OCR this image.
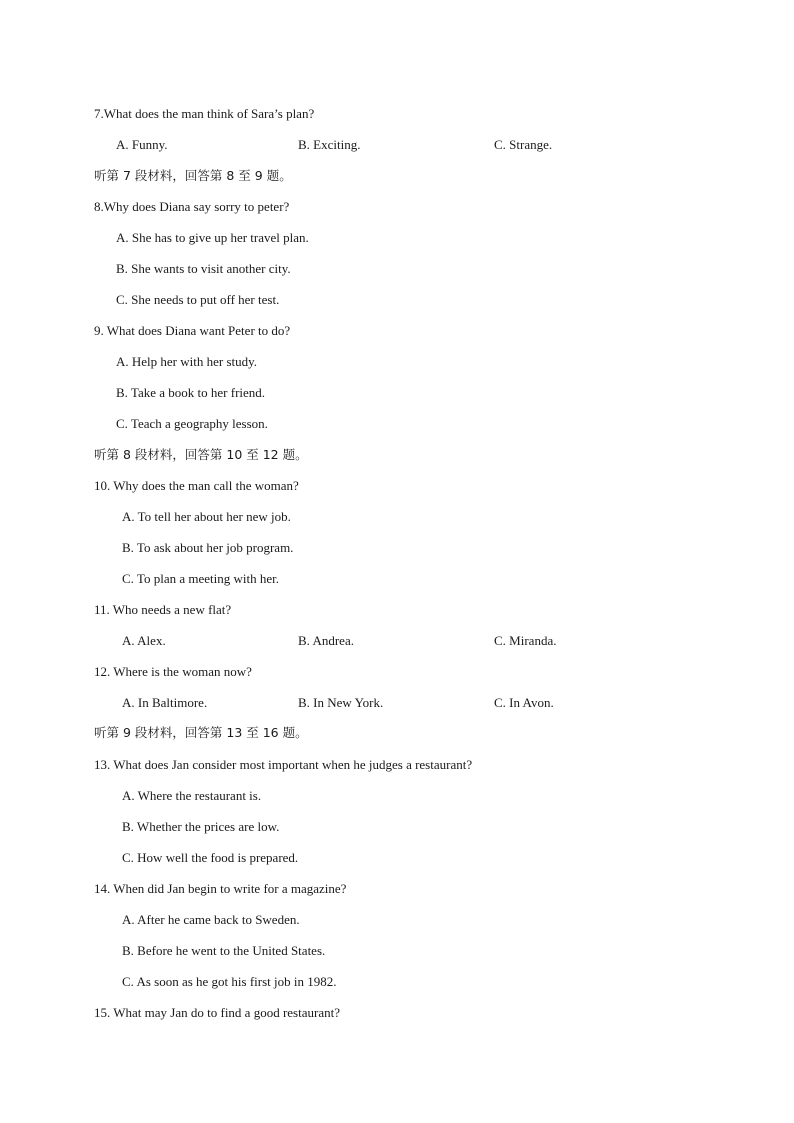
7.What does the man think of Sara’s plan?
A. Funny.	B. Exciting.	C. Strange.
听第 7 段材料，回答第 8 至 9 题。
8.Why does Diana say sorry to peter?
A. She has to give up her travel plan.
B. She wants to visit another city.
C. She needs to put off her test.
9. What does Diana want Peter to do?
A. Help her with her study.
B. Take a book to her friend.
C. Teach a geography lesson.
听第 8 段材料，回答第 10 至 12 题。
10. Why does the man call the woman?
A. To tell her about her new job.
B. To ask about her job program.
C. To plan a meeting with her.
11. Who needs a new flat?
A. Alex.	B. Andrea.	C. Miranda.
12. Where is the woman now?
A. In Baltimore.	B. In New York.	C. In Avon.
听第 9 段材料，回答第 13 至 16 题。
13. What does Jan consider most important when he judges a restaurant?
A. Where the restaurant is.
B. Whether the prices are low.
C. How well the food is prepared.
14. When did Jan begin to write for a magazine?
A. After he came back to Sweden.
B. Before he went to the United States.
C. As soon as he got his first job in 1982.
15. What may Jan do to find a good restaurant?
